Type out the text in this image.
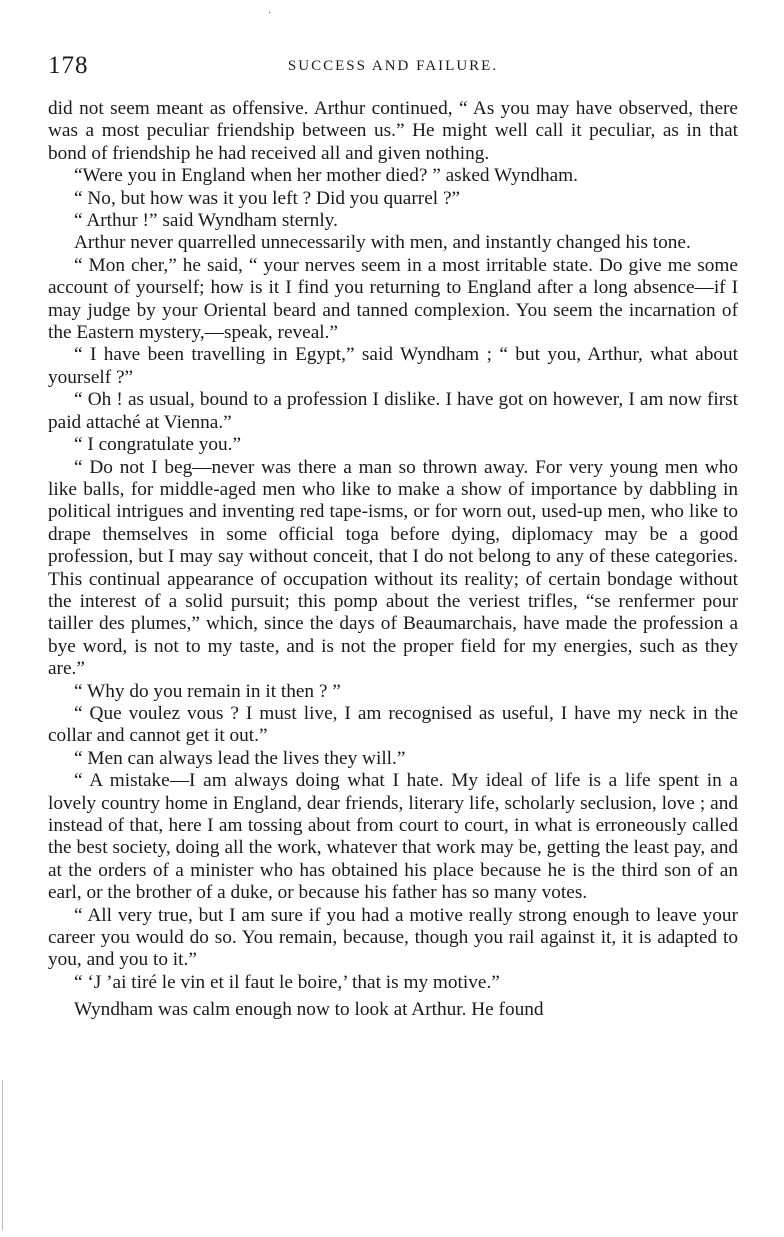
·
178	SUCCESS AND FAILURE.

did not seem meant as offensive. Arthur continued, “ As you may have observed, there was a most peculiar friendship between us.” He might well call it peculiar, as in that bond of friendship he had received all and given nothing.

“Were you in England when her mother died? ” asked Wyndham.

“ No, but how was it you left ? Did you quarrel ?”

“ Arthur !” said Wyndham sternly.

Arthur never quarrelled unnecessarily with men, and instantly changed his tone.

“ Mon cher,” he said, “ your nerves seem in a most irritable state. Do give me some account of yourself; how is it I find you returning to England after a long absence—if I may judge by your Oriental beard and tanned complexion. You seem the incarnation of the Eastern mystery,—speak, reveal.”

“ I have been travelling in Egypt,” said Wyndham ; “ but you, Arthur, what about yourself ?”

“ Oh ! as usual, bound to a profession I dislike. I have got on however, I am now first paid attaché at Vienna.”

“ I congratulate you.”

“ Do not I beg—never was there a man so thrown away. For very young men who like balls, for middle-aged men who like to make a show of importance by dabbling in political intrigues and inventing red tape-isms, or for worn out, used-up men, who like to drape themselves in some official toga before dying, diplomacy may be a good profession, but I may say without conceit, that I do not belong to any of these categories. This continual appearance of occupation without its reality; of certain bondage without the interest of a solid pursuit; this pomp about the veriest trifles, “se renfermer pour tailler des plumes,” which, since the days of Beaumarchais, have made the profession a bye word, is not to my taste, and is not the proper field for my energies, such as they are.”

“ Why do you remain in it then ? ”

“ Que voulez vous ? I must live, I am recognised as useful, I have my neck in the collar and cannot get it out.”

“ Men can always lead the lives they will.”

“ A mistake—I am always doing what I hate. My ideal of life is a life spent in a lovely country home in England, dear friends, literary life, scholarly seclusion, love ; and instead of that, here I am tossing about from court to court, in what is erroneously called the best society, doing all the work, whatever that work may be, getting the least pay, and at the orders of a minister who has obtained his place because he is the third son of an earl, or the brother of a duke, or because his father has so many votes.

“ All very true, but I am sure if you had a motive really strong enough to leave your career you would do so. You remain, because, though you rail against it, it is adapted to you, and you to it.”

“ ‘J ’ai tiré le vin et il faut le boire,’ that is my motive.”

Wyndham was calm enough now to look at Arthur. He found
